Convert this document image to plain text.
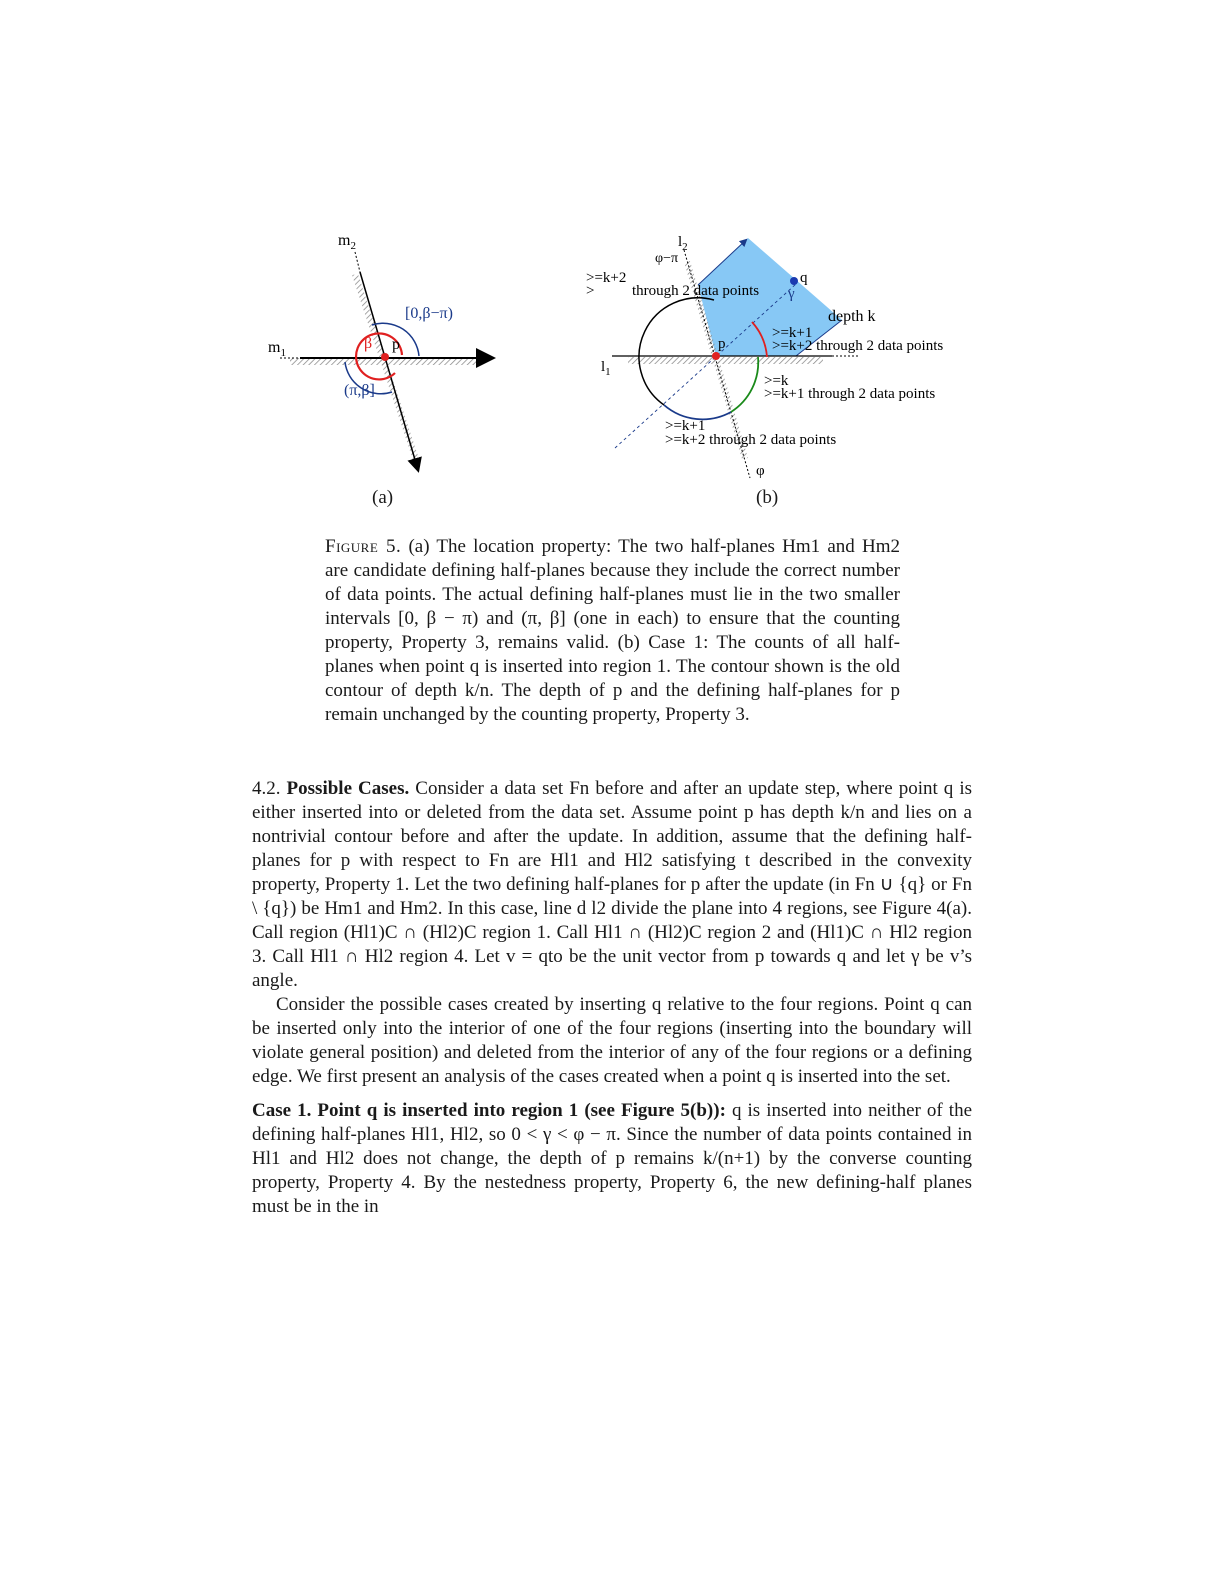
$m_2$
$m_1$
[0,β−π)
β p
(π,β]
$l_2$
φ−π
>=k+2
>	through 2 data points
q
γ
depth k
>=k+1
>=k+2 through 2 data points
$l_1$
p
>=k
>=k+1 through 2 data points
>=k+1
>=k+2 through 2 data points
φ
(a)	(b)
Figure 5. (a) The location property: The two half-planes Hm1 and Hm2 are candidate defining half-planes because they include the correct number of data points. The actual defining half-planes must lie in the two smaller intervals [0, β − π) and (π, β] (one in each) to ensure that the counting property, Property 3, remains valid. (b) Case 1: The counts of all half-planes when point q is inserted into region 1. The contour shown is the old contour of depth k/n. The depth of p and the defining half-planes for p remain unchanged by the counting property, Property 3.

4.2. Possible Cases. Consider a data set Fn before and after an update step, where point q is either inserted into or deleted from the data set. Assume point p has depth k/n and lies on a nontrivial contour before and after the update. In addition, assume that the defining half-planes for p with respect to Fn are Hl1 and Hl2 satisfying t described in the convexity property, Property 1. Let the two defining half-planes for p after the update (in Fn ∪ {q} or Fn \ {q}) be Hm1 and Hm2. In this case, line d l2 divide the plane into 4 regions, see Figure 4(a). Call region (Hl1)C ∩ (Hl2)C region 1. Call Hl1 ∩ (Hl2)C region 2 and (Hl1)C ∩ Hl2 region 3. Call Hl1 ∩ Hl2 region 4. Let v = qto be the unit vector from p towards q and let γ be v’s angle.

Consider the possible cases created by inserting q relative to the four regions. Point q can be inserted only into the interior of one of the four regions (inserting into the boundary will violate general position) and deleted from the interior of any of the four regions or a defining edge. We first present an analysis of the cases created when a point q is inserted into the set.

Case 1. Point q is inserted into region 1 (see Figure 5(b)): q is inserted into neither of the defining half-planes Hl1, Hl2, so 0 < γ < φ − π. Since the number of data points contained in Hl1 and Hl2 does not change, the depth of p remains k/(n+1) by the converse counting property, Property 4. By the nestedness property, Property 6, the new defining-half planes must be in the in
